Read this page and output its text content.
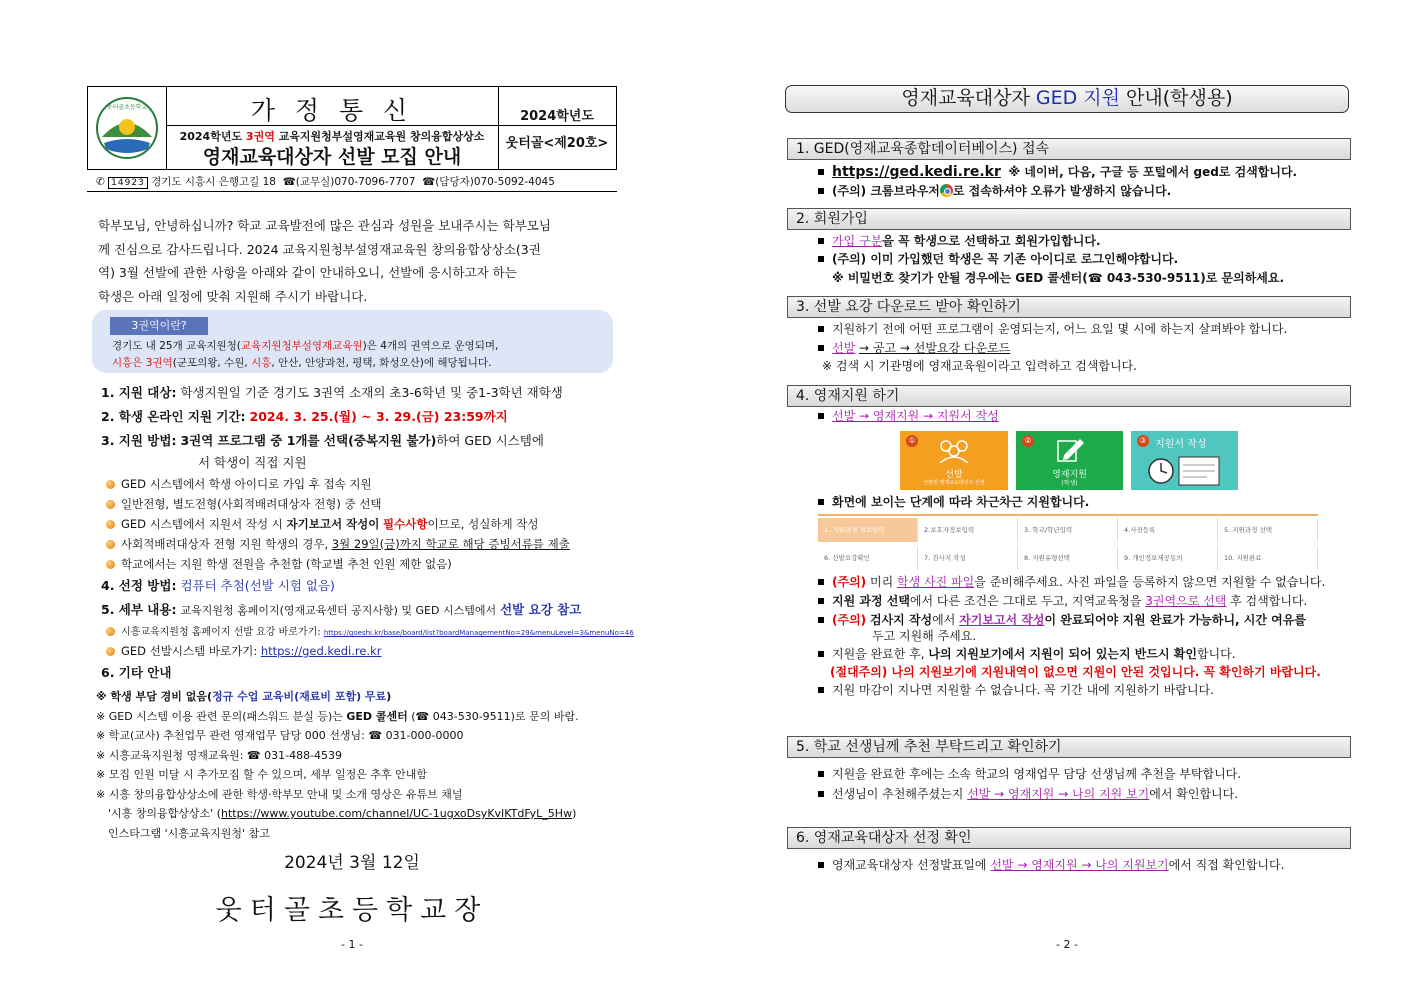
웃터골초등학교	가 정 통 신
2024학년도 3권역 교육지원청부설영재교육원 창의융합상상소
영재교육대상자 선발 모집 안내
2024학년도
웃터골<제20호>
✆ 14923 경기도 시흥시 은행고길 18 ☎(교무실)070-7096-7707 ☎(담당자)070-5092-4045
학부모님, 안녕하십니까? 학교 교육발전에 많은 관심과 성원을 보내주시는 학부모님
께 진심으로 감사드립니다. 2024 교육지원청부설영재교육원 창의융합상상소(3권
역) 3월 선발에 관한 사항을 아래와 같이 안내하오니, 선발에 응시하고자 하는
학생은 아래 일정에 맞춰 지원해 주시기 바랍니다.
3권역이란?
경기도 내 25개 교육지원청(교육지원청부설영재교육원)은 4개의 권역으로 운영되며,
시흥은 3권역(군포의왕, 수원, 시흥, 안산, 안양과천, 평택, 화성오산)에 해당됩니다.
1. 지원 대상: 학생지원일 기준 경기도 3권역 소재의 초3-6학년 및 중1-3학년 재학생
2. 학생 온라인 지원 기간: 2024. 3. 25.(월) ~ 3. 29.(금) 23:59까지
3. 지원 방법: 3권역 프로그램 중 1개를 선택(중복지원 불가)하여 GED 시스템에
서 학생이 직접 지원
GED 시스템에서 학생 아이디로 가입 후 접속 지원
일반전형, 별도전형(사회적배려대상자 전형) 중 선택
GED 시스템에서 지원서 작성 시 자기보고서 작성이 필수사항이므로, 성실하게 작성
사회적배려대상자 전형 지원 학생의 경우, 3월 29일(금)까지 학교로 해당 증빙서류를 제출
학교에서는 지원 학생 전원을 추천함 (학교별 추천 인원 제한 없음)
4. 선정 방법: 컴퓨터 추첨(선발 시험 없음)
5. 세부 내용: 교육지원청 홈페이지(영재교육센터 공지사항) 및 GED 시스템에서 선발 요강 참고
시흥교육지원청 홈페이지 선발 요강 바로가기: https://goeshi.kr/base/board/list?boardManagementNo=29&menuLevel=3&menuNo=46
GED 선발시스템 바로가기: https://ged.kedi.re.kr
6. 기타 안내
※ 학생 부담 경비 없음(정규 수업 교육비(재료비 포함) 무료)
※ GED 시스템 이용 관련 문의(패스워드 분실 등)는 GED 콜센터 (☎ 043-530-9511)로 문의 바람.
※ 학교(교사) 추천업무 관련 영재업무 담당 000 선생님: ☎ 031-000-0000
※ 시흥교육지원청 영재교육원: ☎ 031-488-4539
※ 모집 인원 미달 시 추가모집 할 수 있으며, 세부 일정은 추후 안내함
※ 시흥 창의융합상상소에 관한 학생·학부모 안내 및 소개 영상은 유튜브 채널
'시흥 창의융합상상소' (https://www.youtube.com/channel/UC-1ugxoDsyKvIKTdFyL_5Hw)
인스타그램 '시흥교육지원청' 참고
2024년 3월 12일
웃터골초등학교장
- 1 -
영재교육대상자 GED 지원 안내(학생용)
1. GED(영재교육종합데이터베이스) 접속
https://ged.kedi.re.kr ※ 네이버, 다음, 구글 등 포털에서 ged로 검색합니다.
(주의) 크롬브라우저 로 접속하셔야 오류가 발생하지 않습니다.
2. 회원가입
가입 구분을 꼭 학생으로 선택하고 회원가입합니다.
(주의) 이미 가입했던 학생은 꼭 기존 아이디로 로그인해야합니다.
※ 비밀번호 찾기가 안될 경우에는 GED 콜센터(☎ 043-530-9511)로 문의하세요.
3. 선발 요강 다운로드 받아 확인하기
지원하기 전에 어떤 프로그램이 운영되는지, 어느 요일 몇 시에 하는지 살펴봐야 합니다.
선발 → 공고 → 선발요강 다운로드
※ 검색 시 기관명에 영재교육원이라고 입력하고 검색합니다.
4. 영재지원 하기
선발 → 영재지원 → 지원서 작성
①
선발
선발된 영재교육대상자 선정
②
영재지원
(학생)
③ 지원서 작성
화면에 보이는 단계에 따라 차근차근 지원합니다.
1. 지원과정 정보입력	2.보호자정보입력	3. 학교/학년입력	4.사진등록	5. 지원과정 선택
6. 선발요강확인	7. 검사지 작성	8. 지원유형선택	9. 개인정보제공동의	10. 지원완료
(주의) 미리 학생 사진 파일을 준비해주세요. 사진 파일을 등록하지 않으면 지원할 수 없습니다.
지원 과정 선택에서 다른 조건은 그대로 두고, 지역교육청을 3권역으로 선택 후 검색합니다.
(주의) 검사지 작성에서 자기보고서 작성이 완료되어야 지원 완료가 가능하니, 시간 여유를
두고 지원해 주세요.
지원을 완료한 후, 나의 지원보기에서 지원이 되어 있는지 반드시 확인합니다.
(절대주의) 나의 지원보기에 지원내역이 없으면 지원이 안된 것입니다. 꼭 확인하기 바랍니다.
지원 마감이 지나면 지원할 수 없습니다. 꼭 기간 내에 지원하기 바랍니다.
5. 학교 선생님께 추천 부탁드리고 확인하기
지원을 완료한 후에는 소속 학교의 영재업무 담당 선생님께 추천을 부탁합니다.
선생님이 추천해주셨는지 선발 → 영재지원 → 나의 지원 보기에서 확인합니다.
6. 영재교육대상자 선정 확인
영재교육대상자 선정발표일에 선발 → 영재지원 → 나의 지원보기에서 직접 확인합니다.
- 2 -
